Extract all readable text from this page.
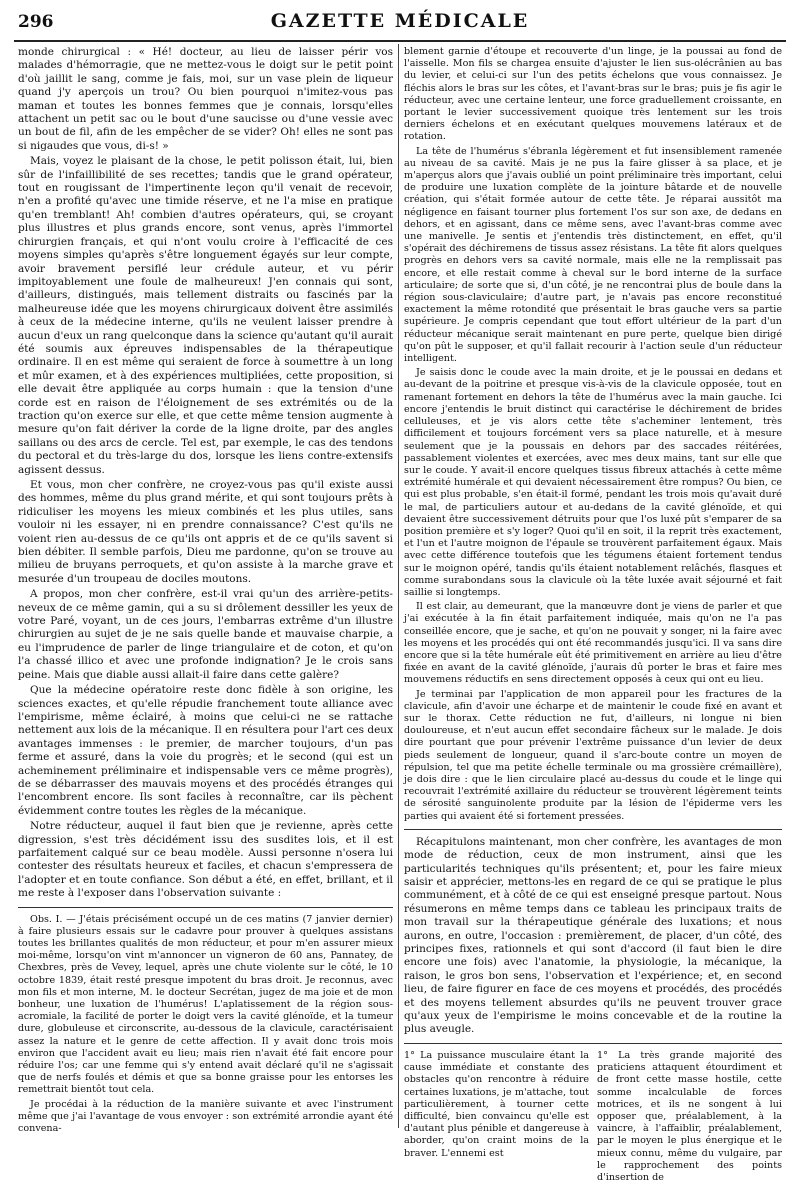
296	GAZETTE MÉDICALE

monde chirurgical : « Hé! docteur, au lieu de laisser périr vos malades d'hémorragie, que ne mettez-vous le doigt sur le petit point d'où jaillit le sang, comme je fais, moi, sur un vase plein de liqueur quand j'y aperçois un trou? Ou bien pourquoi n'imitez-vous pas maman et toutes les bonnes femmes que je connais, lorsqu'elles attachent un petit sac ou le bout d'une saucisse ou d'une vessie avec un bout de fil, afin de les empêcher de se vider? Oh! elles ne sont pas si nigaudes que vous, di-s! »

Mais, voyez le plaisant de la chose, le petit polisson était, lui, bien sûr de l'infaillibilité de ses recettes; tandis que le grand opérateur, tout en rougissant de l'impertinente leçon qu'il venait de recevoir, n'en a profité qu'avec une timide réserve, et ne l'a mise en pratique qu'en tremblant! Ah! combien d'autres opérateurs, qui, se croyant plus illustres et plus grands encore, sont venus, après l'immortel chirurgien français, et qui n'ont voulu croire à l'efficacité de ces moyens simples qu'après s'être longuement égayés sur leur compte, avoir bravement persiflé leur crédule auteur, et vu périr impitoyablement une foule de malheureux! J'en connais qui sont, d'ailleurs, distingués, mais tellement distraits ou fascinés par la malheureuse idée que les moyens chirurgicaux doivent être assimilés à ceux de la médecine interne, qu'ils ne veulent laisser prendre à aucun d'eux un rang quelconque dans la science qu'autant qu'il aurait été soumis aux épreuves indispensables de la thérapeutique ordinaire. Il en est même qui seraient de force à soumettre à un long et mûr examen, et à des expériences multipliées, cette proposition, si elle devait être appliquée au corps humain : que la tension d'une corde est en raison de l'éloignement de ses extrémités ou de la traction qu'on exerce sur elle, et que cette même tension augmente à mesure qu'on fait dériver la corde de la ligne droite, par des angles saillans ou des arcs de cercle. Tel est, par exemple, le cas des tendons du pectoral et du très-large du dos, lorsque les liens contre-extensifs agissent dessus.

Et vous, mon cher confrère, ne croyez-vous pas qu'il existe aussi des hommes, même du plus grand mérite, et qui sont toujours prêts à ridiculiser les moyens les mieux combinés et les plus utiles, sans vouloir ni les essayer, ni en prendre connaissance? C'est qu'ils ne voient rien au-dessus de ce qu'ils ont appris et de ce qu'ils savent si bien débiter. Il semble parfois, Dieu me pardonne, qu'on se trouve au milieu de bruyans perroquets, et qu'on assiste à la marche grave et mesurée d'un troupeau de dociles moutons.

A propos, mon cher confrère, est-il vrai qu'un des arrière-petits-neveux de ce même gamin, qui a su si drôlement dessiller les yeux de votre Paré, voyant, un de ces jours, l'embarras extrême d'un illustre chirurgien au sujet de je ne sais quelle bande et mauvaise charpie, a eu l'imprudence de parler de linge triangulaire et de coton, et qu'on l'a chassé illico et avec une profonde indignation? Je le crois sans peine. Mais que diable aussi allait-il faire dans cette galère?

Que la médecine opératoire reste donc fidèle à son origine, les sciences exactes, et qu'elle répudie franchement toute alliance avec l'empirisme, même éclairé, à moins que celui-ci ne se rattache nettement aux lois de la mécanique. Il en résultera pour l'art ces deux avantages immenses : le premier, de marcher toujours, d'un pas ferme et assuré, dans la voie du progrès; et le second (qui est un acheminement préliminaire et indispensable vers ce même progrès), de se débarrasser des mauvais moyens et des procédés étranges qui l'encombrent encore. Ils sont faciles à reconnaître, car ils pèchent évidemment contre toutes les règles de la mécanique.

Notre réducteur, auquel il faut bien que je revienne, après cette digression, s'est très décidément issu des susdites lois, et il est parfaitement calqué sur ce beau modèle. Aussi personne n'osera lui contester des résultats heureux et faciles, et chacun s'empressera de l'adopter et en toute confiance. Son début a été, en effet, brillant, et il me reste à l'exposer dans l'observation suivante :

Obs. I. — J'étais précisément occupé un de ces matins (7 janvier dernier) à faire plusieurs essais sur le cadavre pour prouver à quelques assistans toutes les brillantes qualités de mon réducteur, et pour m'en assurer mieux moi-même, lorsqu'on vint m'annoncer un vigneron de 60 ans, Pannatey, de Chexbres, près de Vevey, lequel, après une chute violente sur le côté, le 10 octobre 1839, était resté presque impotent du bras droit. Je reconnus, avec mon fils et mon interne, M. le docteur Secrétan, jugez de ma joie et de mon bonheur, une luxation de l'humérus! L'aplatissement de la région sous-acromiale, la facilité de porter le doigt vers la cavité glénoïde, et la tumeur dure, globuleuse et circonscrite, au-dessous de la clavicule, caractérisaient assez la nature et le genre de cette affection. Il y avait donc trois mois environ que l'accident avait eu lieu; mais rien n'avait été fait encore pour réduire l'os; car une femme qui s'y entend avait déclaré qu'il ne s'agissait que de nerfs foulés et démis et que sa bonne graisse pour les entorses les remettrait bientôt tout cela.

Je procédai à la réduction de la manière suivante et avec l'instrument même que j'ai l'avantage de vous envoyer : son extrémité arrondie ayant été convena-

blement garnie d'étoupe et recouverte d'un linge, je la poussai au fond de l'aisselle. Mon fils se chargea ensuite d'ajuster le lien sus-olécrânien au bas du levier, et celui-ci sur l'un des petits échelons que vous connaissez. Je fléchis alors le bras sur les côtes, et l'avant-bras sur le bras; puis je fis agir le réducteur, avec une certaine lenteur, une force graduellement croissante, en portant le levier successivement quoique très lentement sur les trois derniers échelons et en exécutant quelques mouvemens latéraux et de rotation.

La tête de l'humérus s'ébranla légèrement et fut insensiblement ramenée au niveau de sa cavité. Mais je ne pus la faire glisser à sa place, et je m'aperçus alors que j'avais oublié un point préliminaire très important, celui de produire une luxation complète de la jointure bâtarde et de nouvelle création, qui s'était formée autour de cette tête. Je réparai aussitôt ma négligence en faisant tourner plus fortement l'os sur son axe, de dedans en dehors, et en agissant, dans ce même sens, avec l'avant-bras comme avec une manivelle. Je sentis et j'entendis très distinctement, en effet, qu'il s'opérait des déchiremens de tissus assez résistans. La tête fit alors quelques progrès en dehors vers sa cavité normale, mais elle ne la remplissait pas encore, et elle restait comme à cheval sur le bord interne de la surface articulaire; de sorte que si, d'un côté, je ne rencontrai plus de boule dans la région sous-claviculaire; d'autre part, je n'avais pas encore reconstitué exactement la même rotondité que présentait le bras gauche vers sa partie supérieure. Je compris cependant que tout effort ultérieur de la part d'un réducteur mécanique serait maintenant en pure perte, quelque bien dirigé qu'on pût le supposer, et qu'il fallait recourir à l'action seule d'un réducteur intelligent.

Je saisis donc le coude avec la main droite, et je le poussai en dedans et au-devant de la poitrine et presque vis-à-vis de la clavicule opposée, tout en ramenant fortement en dehors la tête de l'humérus avec la main gauche. Ici encore j'entendis le bruit distinct qui caractérise le déchirement de brides celluleuses, et je vis alors cette tête s'acheminer lentement, très difficilement et toujours forcément vers sa place naturelle, et à mesure seulement que je la poussais en dehors par des saccades réitérées, passablement violentes et exercées, avec mes deux mains, tant sur elle que sur le coude. Y avait-il encore quelques tissus fibreux attachés à cette même extrémité humérale et qui devaient nécessairement être rompus? Ou bien, ce qui est plus probable, s'en était-il formé, pendant les trois mois qu'avait duré le mal, de particuliers autour et au-dedans de la cavité glénoïde, et qui devaient être successivement détruits pour que l'os luxé pût s'emparer de sa position première et s'y loger? Quoi qu'il en soit, il la reprit très exactement, et l'un et l'autre moignon de l'épaule se trouvèrent parfaitement égaux. Mais avec cette différence toutefois que les tégumens étaient fortement tendus sur le moignon opéré, tandis qu'ils étaient notablement relâchés, flasques et comme surabondans sous la clavicule où la tête luxée avait séjourné et fait saillie si longtemps.

Il est clair, au demeurant, que la manœuvre dont je viens de parler et que j'ai exécutée à la fin était parfaitement indiquée, mais qu'on ne l'a pas conseillée encore, que je sache, et qu'on ne pouvait y songer, ni la faire avec les moyens et les procédés qui ont été recommandés jusqu'ici. Il va sans dire encore que si la tête humérale eût été primitivement en arrière au lieu d'être fixée en avant de la cavité glénoïde, j'aurais dû porter le bras et faire mes mouvemens réductifs en sens directement opposés à ceux qui ont eu lieu.

Je terminai par l'application de mon appareil pour les fractures de la clavicule, afin d'avoir une écharpe et de maintenir le coude fixé en avant et sur le thorax. Cette réduction ne fut, d'ailleurs, ni longue ni bien douloureuse, et n'eut aucun effet secondaire fâcheux sur le malade. Je dois dire pourtant que pour prévenir l'extrême puissance d'un levier de deux pieds seulement de longueur, quand il s'arc-boute contre un moyen de répulsion, tel que ma petite échelle terminale ou ma grossière crémaillère), je dois dire : que le lien circulaire placé au-dessus du coude et le linge qui recouvrait l'extrémité axillaire du réducteur se trouvèrent légèrement teints de sérosité sanguinolente produite par la lésion de l'épiderme vers les parties qui avaient été si fortement pressées.

Récapitulons maintenant, mon cher confrère, les avantages de mon mode de réduction, ceux de mon instrument, ainsi que les particularités techniques qu'ils présentent; et, pour les faire mieux saisir et apprécier, mettons-les en regard de ce qui se pratique le plus communément, et à côté de ce qui est enseigné presque partout. Nous résumerons en même temps dans ce tableau les principaux traits de mon travail sur la thérapeutique générale des luxations; et nous aurons, en outre, l'occasion : premièrement, de placer, d'un côté, des principes fixes, rationnels et qui sont d'accord (il faut bien le dire encore une fois) avec l'anatomie, la physiologie, la mécanique, la raison, le gros bon sens, l'observation et l'expérience; et, en second lieu, de faire figurer en face de ces moyens et procédés, des procédés et des moyens tellement absurdes qu'ils ne peuvent trouver grace qu'aux yeux de l'empirisme le moins concevable et de la routine la plus aveugle.

1° La puissance musculaire étant la cause immédiate et constante des obstacles qu'on rencontre à réduire certaines luxations, je m'attache, tout particulièrement, à tourner cette difficulté, bien convaincu qu'elle est d'autant plus pénible et dangereuse à aborder, qu'on craint moins de la braver. L'ennemi est
1° La très grande majorité des praticiens attaquent étourdiment et de front cette masse hostile, cette somme incalculable de forces motrices, et ils ne songent à lui opposer que, préalablement, à la vaincre, à l'affaiblir, préalablement, par le moyen le plus énergique et le mieux connu, même du vulgaire, par le rapprochement des points d'insertion de
